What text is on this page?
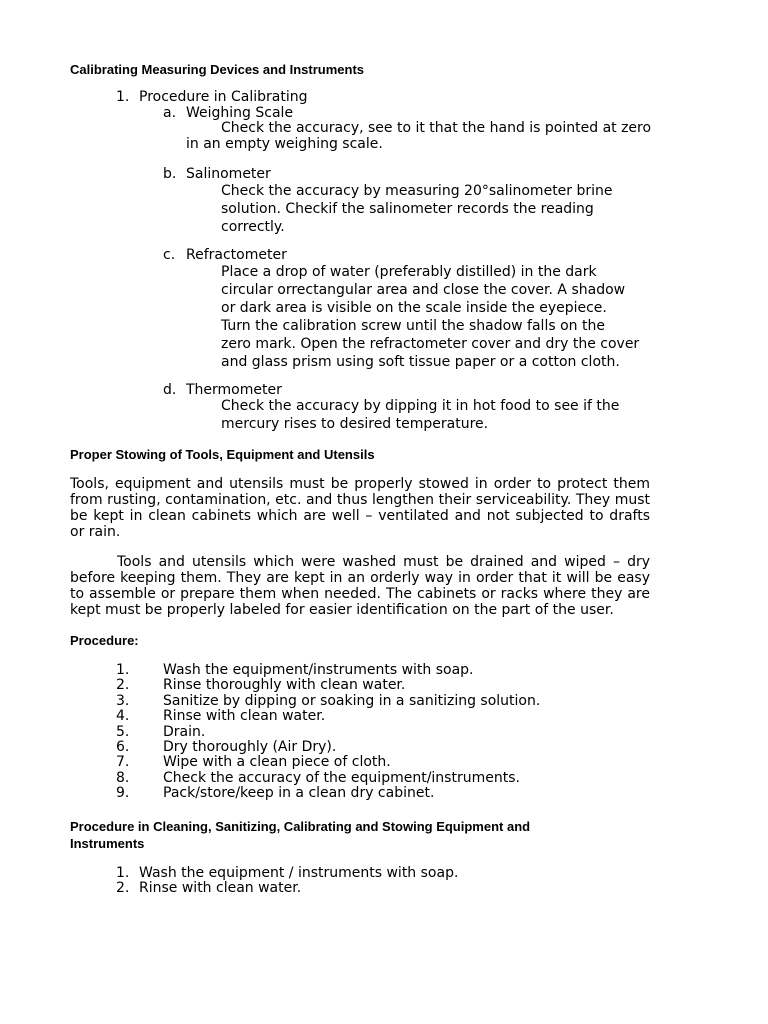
Calibrating Measuring Devices and Instruments
1. Procedure in Calibrating
a. Weighing Scale
Check the accuracy, see to it that the hand is pointed at zero
in an empty weighing scale.
b. Salinometer
Check the accuracy by measuring 20°salinometer brine
solution. Checkif the salinometer records the reading
correctly.
c. Refractometer
Place a drop of water (preferably distilled) in the dark
circular orrectangular area and close the cover. A shadow
or dark area is visible on the scale inside the eyepiece.
Turn the calibration screw until the shadow falls on the
zero mark. Open the refractometer cover and dry the cover
and glass prism using soft tissue paper or a cotton cloth.
d. Thermometer
Check the accuracy by dipping it in hot food to see if the
mercury rises to desired temperature.
Proper Stowing of Tools, Equipment and Utensils
Tools, equipment and utensils must be properly stowed in order to protect them from rusting, contamination, etc. and thus lengthen their serviceability. They must be kept in clean cabinets which are well – ventilated and not subjected to drafts or rain.
Tools and utensils which were washed must be drained and wiped – dry before keeping them. They are kept in an orderly way in order that it will be easy to assemble or prepare them when needed. The cabinets or racks where they are kept must be properly labeled for easier identification on the part of the user.
Procedure:
1. Wash the equipment/instruments with soap.
2. Rinse thoroughly with clean water.
3. Sanitize by dipping or soaking in a sanitizing solution.
4. Rinse with clean water.
5. Drain.
6. Dry thoroughly (Air Dry).
7. Wipe with a clean piece of cloth.
8. Check the accuracy of the equipment/instruments.
9. Pack/store/keep in a clean dry cabinet.
Procedure in Cleaning, Sanitizing, Calibrating and Stowing Equipment and
Instruments
1. Wash the equipment / instruments with soap.
2. Rinse with clean water.
